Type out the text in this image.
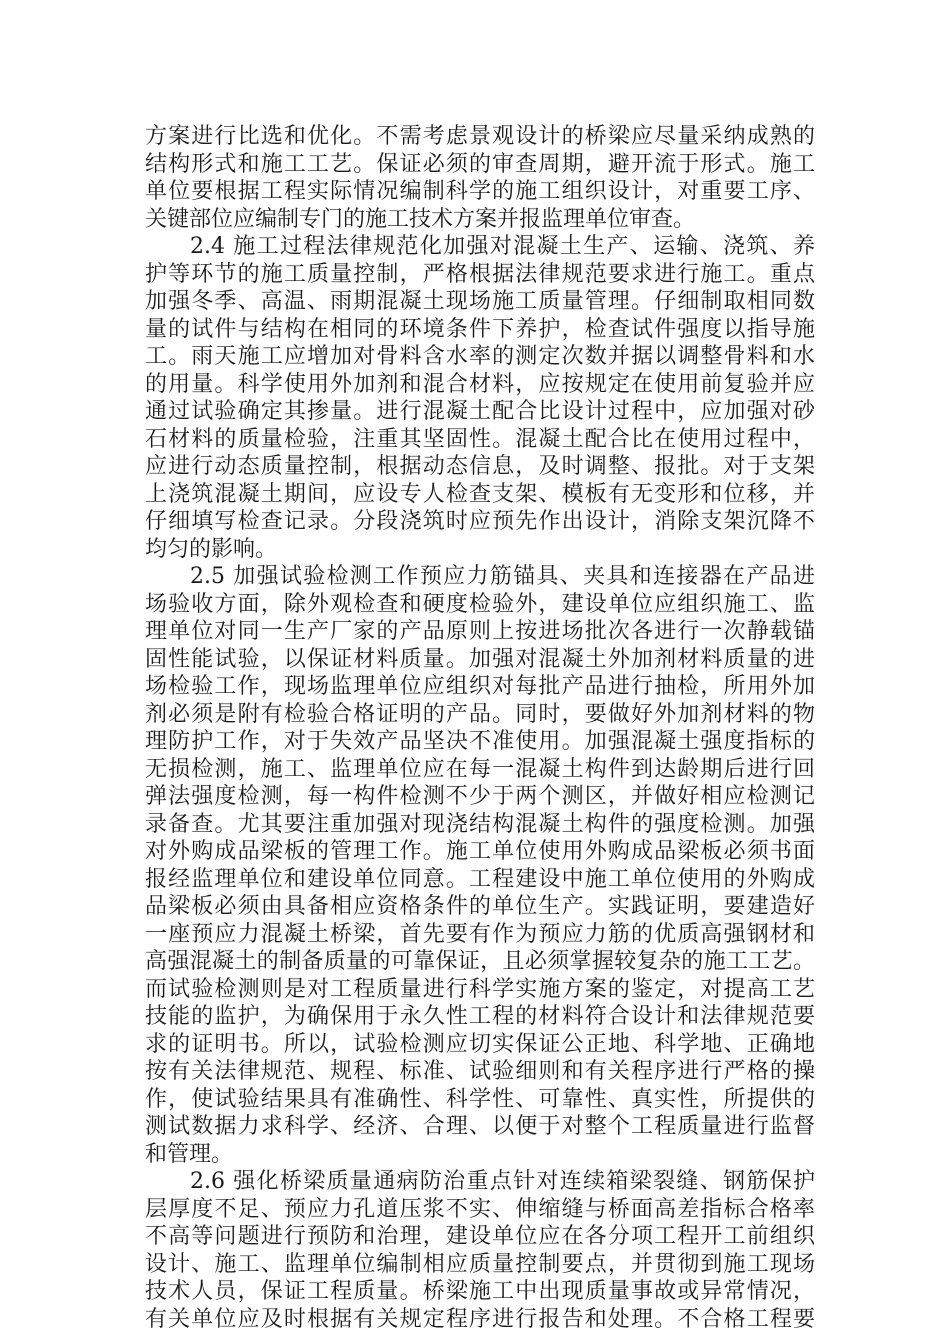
方案进行比选和优化。不需考虑景观设计的桥梁应尽量采纳成熟的
结构形式和施工工艺。保证必须的审查周期，避开流于形式。施工
单位要根据工程实际情况编制科学的施工组织设计，对重要工序、
关键部位应编制专门的施工技术方案并报监理单位审查。
2.4 施工过程法律规范化加强对混凝土生产、运输、浇筑、养
护等环节的施工质量控制，严格根据法律规范要求进行施工。重点
加强冬季、高温、雨期混凝土现场施工质量管理。仔细制取相同数
量的试件与结构在相同的环境条件下养护，检查试件强度以指导施
工。雨天施工应增加对骨料含水率的测定次数并据以调整骨料和水
的用量。科学使用外加剂和混合材料，应按规定在使用前复验并应
通过试验确定其掺量。进行混凝土配合比设计过程中，应加强对砂
石材料的质量检验，注重其坚固性。混凝土配合比在使用过程中，
应进行动态质量控制，根据动态信息，及时调整、报批。对于支架
上浇筑混凝土期间，应设专人检查支架、模板有无变形和位移，并
仔细填写检查记录。分段浇筑时应预先作出设计，消除支架沉降不
均匀的影响。
2.5 加强试验检测工作预应力筋锚具、夹具和连接器在产品进
场验收方面，除外观检查和硬度检验外，建设单位应组织施工、监
理单位对同一生产厂家的产品原则上按进场批次各进行一次静载锚
固性能试验，以保证材料质量。加强对混凝土外加剂材料质量的进
场检验工作，现场监理单位应组织对每批产品进行抽检，所用外加
剂必须是附有检验合格证明的产品。同时，要做好外加剂材料的物
理防护工作，对于失效产品坚决不准使用。加强混凝土强度指标的
无损检测，施工、监理单位应在每一混凝土构件到达龄期后进行回
弹法强度检测，每一构件检测不少于两个测区，并做好相应检测记
录备查。尤其要注重加强对现浇结构混凝土构件的强度检测。加强
对外购成品梁板的管理工作。施工单位使用外购成品梁板必须书面
报经监理单位和建设单位同意。工程建设中施工单位使用的外购成
品梁板必须由具备相应资格条件的单位生产。实践证明，要建造好
一座预应力混凝土桥梁，首先要有作为预应力筋的优质高强钢材和
高强混凝土的制备质量的可靠保证，且必须掌握较复杂的施工工艺。
而试验检测则是对工程质量进行科学实施方案的鉴定，对提高工艺
技能的监护，为确保用于永久性工程的材料符合设计和法律规范要
求的证明书。所以，试验检测应切实保证公正地、科学地、正确地
按有关法律规范、规程、标准、试验细则和有关程序进行严格的操
作，使试验结果具有准确性、科学性、可靠性、真实性，所提供的
测试数据力求科学、经济、合理、以便于对整个工程质量进行监督
和管理。
2.6 强化桥梁质量通病防治重点针对连续箱梁裂缝、钢筋保护
层厚度不足、预应力孔道压浆不实、伸缩缝与桥面高差指标合格率
不高等问题进行预防和治理，建设单位应在各分项工程开工前组织
设计、施工、监理单位编制相应质量控制要点，并贯彻到施工现场
技术人员，保证工程质量。桥梁施工中出现质量事故或异常情况，
有关单位应及时根据有关规定程序进行报告和处理。不合格工程要
